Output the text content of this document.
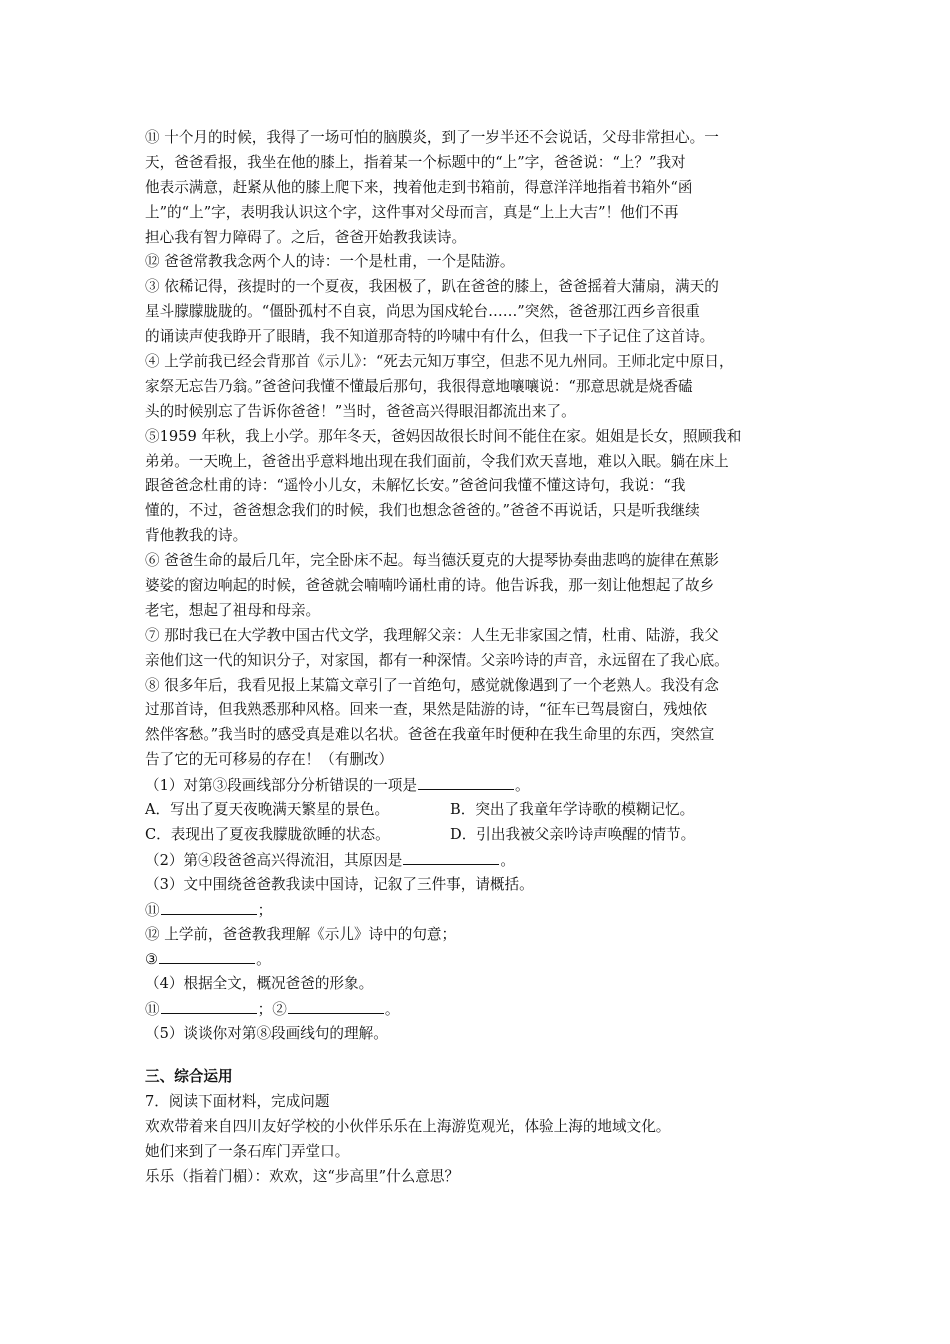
⑪ 十个月的时候，我得了一场可怕的脑膜炎，到了一岁半还不会说话，父母非常担心。一
天，爸爸看报，我坐在他的膝上，指着某一个标题中的“上”字，爸爸说：“上？”我对
他表示满意，赶紧从他的膝上爬下来，拽着他走到书箱前，得意洋洋地指着书箱外“函
上”的“上”字，表明我认识这个字，这件事对父母而言，真是“上上大吉”！他们不再
担心我有智力障碍了。之后，爸爸开始教我读诗。
⑫ 爸爸常教我念两个人的诗：一个是杜甫，一个是陆游。
③ 依稀记得，孩提时的一个夏夜，我困极了，趴在爸爸的膝上，爸爸摇着大蒲扇，满天的
星斗朦朦胧胧的。“僵卧孤村不自哀，尚思为国戍轮台……”突然，爸爸那江西乡音很重
的诵读声使我睁开了眼睛，我不知道那奇特的吟啸中有什么，但我一下子记住了这首诗。
④ 上学前我已经会背那首《示儿》：“死去元知万事空，但悲不见九州同。王师北定中原日，
家祭无忘告乃翁。”爸爸问我懂不懂最后那句，我很得意地嚷嚷说：“那意思就是烧香磕
头的时候别忘了告诉你爸爸！”当时，爸爸高兴得眼泪都流出来了。
⑤1959 年秋，我上小学。那年冬天，爸妈因故很长时间不能住在家。姐姐是长女，照顾我和
弟弟。一天晚上，爸爸出乎意料地出现在我们面前，令我们欢天喜地，难以入眠。躺在床上
跟爸爸念杜甫的诗：“遥怜小儿女，未解忆长安。”爸爸问我懂不懂这诗句，我说：“我
懂的，不过，爸爸想念我们的时候，我们也想念爸爸的。”爸爸不再说话，只是听我继续
背他教我的诗。
⑥ 爸爸生命的最后几年，完全卧床不起。每当德沃夏克的大提琴协奏曲悲鸣的旋律在蕉影
婆娑的窗边响起的时候，爸爸就会喃喃吟诵杜甫的诗。他告诉我，那一刻让他想起了故乡
老宅，想起了祖母和母亲。
⑦ 那时我已在大学教中国古代文学，我理解父亲：人生无非家国之情，杜甫、陆游，我父
亲他们这一代的知识分子，对家国，都有一种深情。父亲吟诗的声音，永远留在了我心底。
⑧ 很多年后，我看见报上某篇文章引了一首绝句，感觉就像遇到了一个老熟人。我没有念
过那首诗，但我熟悉那种风格。回来一查，果然是陆游的诗，“征车已驾晨窗白，残烛依
然伴客愁。”我当时的感受真是难以名状。爸爸在我童年时便种在我生命里的东西，突然宣
告了它的无可移易的存在！（有删改）
（1）对第③段画线部分分析错误的一项是	。
A．写出了夏天夜晚满天繁星的景色。	B．突出了我童年学诗歌的模糊记忆。
C．表现出了夏夜我朦胧欲睡的状态。	D．引出我被父亲吟诗声唤醒的情节。
（2）第④段爸爸高兴得流泪，其原因是	。
（3）文中围绕爸爸教我读中国诗，记叙了三件事，请概括。
⑪	；
⑫ 上学前，爸爸教我理解《示儿》诗中的句意；
③	。
（4）根据全文，概况爸爸的形象。
⑪	；②	。
（5）谈谈你对第⑧段画线句的理解。
三、综合运用
7．阅读下面材料，完成问题
欢欢带着来自四川友好学校的小伙伴乐乐在上海游览观光，体验上海的地域文化。
她们来到了一条石库门弄堂口。
乐乐（指着门楣）：欢欢，这“步高里”什么意思？
